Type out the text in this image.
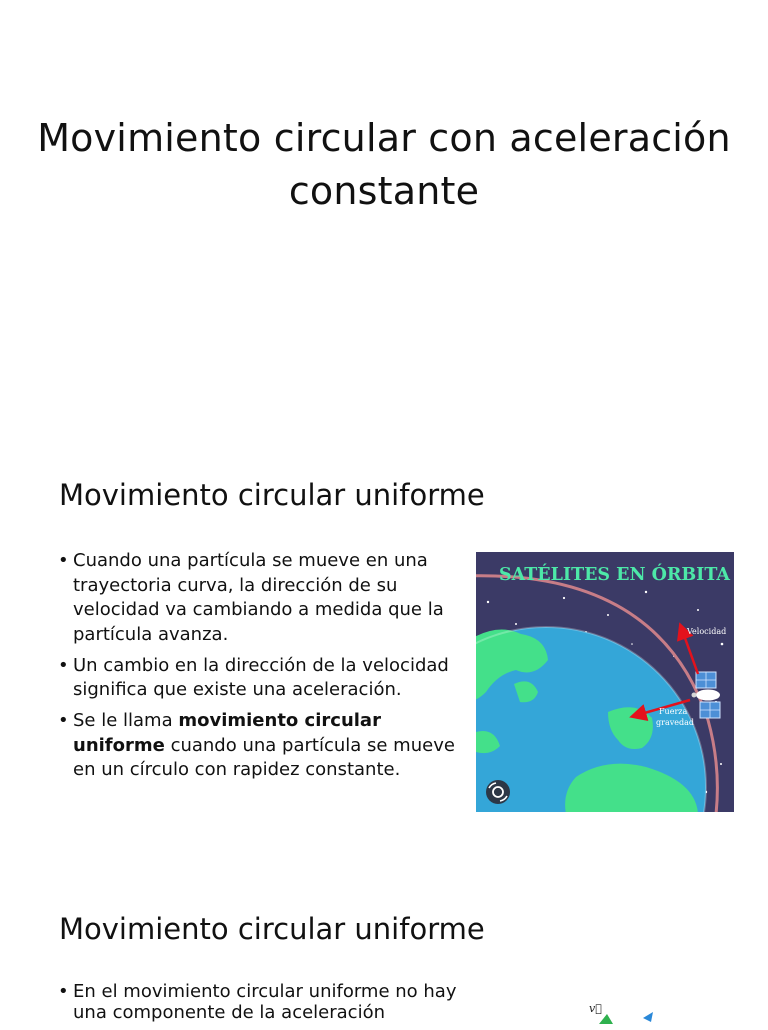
Movimiento circular con aceleración constante
Movimiento circular uniforme
• Cuando una partícula se mueve en una trayectoria curva, la dirección de su velocidad va cambiando a medida que la partícula avanza.
• Un cambio en la dirección de la velocidad significa que existe una aceleración.
• Se le llama movimiento circular uniforme cuando una partícula se mueve en un círculo con rapidez constante.
SATÉLITES EN ÓRBITA
Velocidad
Fuerza
gravedad
Movimiento circular uniforme
• En el movimiento circular uniforme no hay una componente de la aceleración	v⃗
